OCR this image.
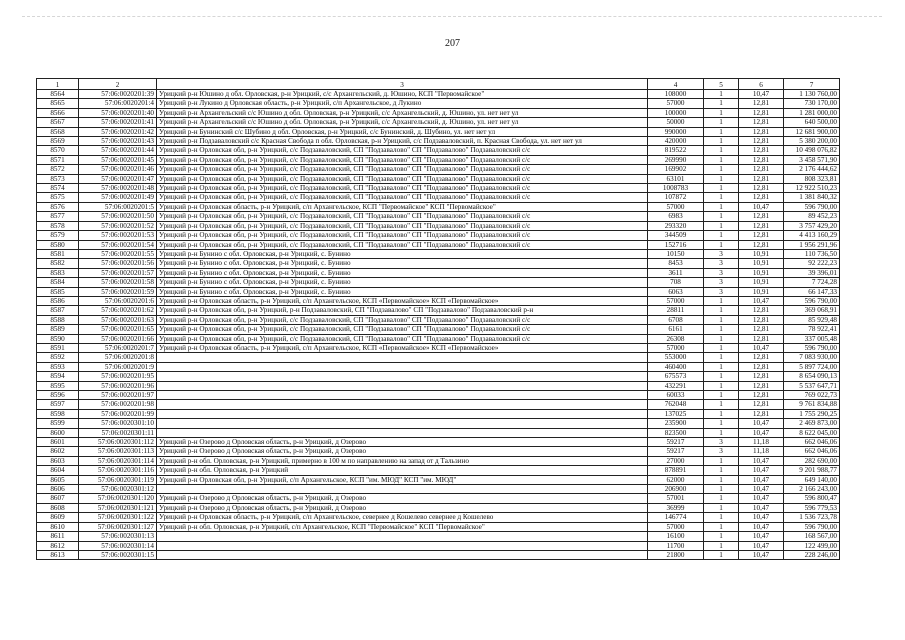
207
1	2	3	4	5	6	7
8564	57:06:0020201:39	Урицкий р-н Юшино д обл. Орловская, р-н Урицкий, с/с Архангельский, д. Юшино, КСП "Первомайское"	108000	1	10,47	1 130 760,00
8565	57:06:0020201:4	Урицкий р-н Лукино д Орловская область, р-н Урицкий, с/п Архангельское, д Лукино	57000	1	12,81	730 170,00
8566	57:06:0020201:40	Урицкий р-н Архангельский с/с Юшино д обл. Орловская, р-н Урицкий, с/с Архангельский, д. Юшино, ул. нет нет ул	100000	1	12,81	1 281 000,00
8567	57:06:0020201:41	Урицкий р-н Архангельский с/с Юшино д обл. Орловская, р-н Урицкий, с/с Архангельский, д. Юшино, ул. нет нет ул	50000	1	12,81	640 500,00
8568	57:06:0020201:42	Урицкий р-н Бунинский с/с Шубино д обл. Орловская, р-н Урицкий, с/с Бунинский, д. Шубино, ул. нет нет ул	990000	1	12,81	12 681 900,00
8569	57:06:0020201:43	Урицкий р-н Подзаваловский с/с Красная Свобода п обл. Орловская, р-н Урицкий, с/с Подзаваловский, п. Красная Свобода, ул. нет нет ул	420000	1	12,81	5 380 200,00
8570	57:06:0020201:44	Урицкий р-н Орловская обл, р-н Урицкий, с/с Подзаваловский, СП "Подзавалово" СП "Подзавалово" Подзаваловский с/с	819522	1	12,81	10 498 076,82
8571	57:06:0020201:45	Урицкий р-н Орловская обл, р-н Урицкий, с/с Подзаваловский, СП "Подзавалово" СП "Подзавалово" Подзаваловский с/с	269990	1	12,81	3 458 571,90
8572	57:06:0020201:46	Урицкий р-н Орловская обл, р-н Урицкий, с/с Подзаваловский, СП "Подзавалово" СП "Подзавалово" Подзаваловский с/с	169902	1	12,81	2 176 444,62
8573	57:06:0020201:47	Урицкий р-н Орловская обл, р-н Урицкий, с/с Подзаваловский, СП "Подзавалово" СП "Подзавалово" Подзаваловский с/с	63101	1	12,81	808 323,81
8574	57:06:0020201:48	Урицкий р-н Орловская обл, р-н Урицкий, с/с Подзаваловский, СП "Подзавалово" СП "Подзавалово" Подзаваловский с/с	1008783	1	12,81	12 922 510,23
8575	57:06:0020201:49	Урицкий р-н Орловская обл, р-н Урицкий, с/с Подзаваловский, СП "Подзавалово" СП "Подзавалово" Подзаваловский с/с	107872	1	12,81	1 381 840,32
8576	57:06:0020201:5	Урицкий р-н Орловская область, р-н Урицкий, с/п Архангельское, КСП "Первомайское" КСП "Первомайское"	57000	1	10,47	596 790,00
8577	57:06:0020201:50	Урицкий р-н Орловская обл, р-н Урицкий, с/с Подзаваловский, СП "Подзавалово" СП "Подзавалово" Подзаваловский с/с	6983	1	12,81	89 452,23
8578	57:06:0020201:52	Урицкий р-н Орловская обл, р-н Урицкий, с/с Подзаваловский, СП "Подзавалово" СП "Подзавалово" Подзаваловский с/с	293320	1	12,81	3 757 429,20
8579	57:06:0020201:53	Урицкий р-н Орловская обл, р-н Урицкий, с/с Подзаваловский, СП "Подзавалово" СП "Подзавалово" Подзаваловский с/с	344509	1	12,81	4 413 160,29
8580	57:06:0020201:54	Урицкий р-н Орловская обл, р-н Урицкий, с/с Подзаваловский, СП "Подзавалово" СП "Подзавалово" Подзаваловский с/с	152716	1	12,81	1 956 291,96
8581	57:06:0020201:55	Урицкий р-н Бунино с обл. Орловская, р-н Урицкий, с. Бунино	10150	3	10,91	110 736,50
8582	57:06:0020201:56	Урицкий р-н Бунино с обл. Орловская, р-н Урицкий, с. Бунино	8453	3	10,91	92 222,23
8583	57:06:0020201:57	Урицкий р-н Бунино с обл. Орловская, р-н Урицкий, с. Бунино	3611	3	10,91	39 396,01
8584	57:06:0020201:58	Урицкий р-н Бунино с обл. Орловская, р-н Урицкий, с. Бунино	708	3	10,91	7 724,28
8585	57:06:0020201:59	Урицкий р-н Бунино с обл. Орловская, р-н Урицкий, с. Бунино	6063	3	10,91	66 147,33
8586	57:06:0020201:6	Урицкий р-н Орловская область, р-н Урицкий, с/п Архангельское, КСП «Первомайское» КСП «Первомайское»	57000	1	10,47	596 790,00
8587	57:06:0020201:62	Урицкий р-н Орловская обл, р-н Урицкий, р-н Подзаваловский, СП "Подзавалово" СП "Подзавалово" Подзаваловский р-н	28811	1	12,81	369 068,91
8588	57:06:0020201:63	Урицкий р-н Орловская обл, р-н Урицкий, с/с Подзаваловский, СП "Подзавалово" СП "Подзавалово" Подзаваловский с/с	6708	1	12,81	85 929,48
8589	57:06:0020201:65	Урицкий р-н Орловская обл, р-н Урицкий, с/с Подзаваловский, СП "Подзавалово" СП "Подзавалово" Подзаваловский с/с	6161	1	12,81	78 922,41
8590	57:06:0020201:66	Урицкий р-н Орловская обл, р-н Урицкий, с/с Подзаваловский, СП "Подзавалово" СП "Подзавалово" Подзаваловский с/с	26308	1	12,81	337 005,48
8591	57:06:0020201:7	Урицкий р-н Орловская область, р-н Урицкий, с/п Архангельское, КСП «Первомайское» КСП «Первомайское»	57000	1	10,47	596 790,00
8592	57:06:0020201:8		553000	1	12,81	7 083 930,00
8593	57:06:0020201:9		460400	1	12,81	5 897 724,00
8594	57:06:0020201:95		675573	1	12,81	8 654 090,13
8595	57:06:0020201:96		432291	1	12,81	5 537 647,71
8596	57:06:0020201:97		60033	1	12,81	769 022,73
8597	57:06:0020201:98		762048	1	12,81	9 761 834,88
8598	57:06:0020201:99		137025	1	12,81	1 755 290,25
8599	57:06:0020301:10		235900	1	10,47	2 469 873,00
8600	57:06:0020301:11		823500	1	10,47	8 622 045,00
8601	57:06:0020301:112	Урицкий р-н Озерово д Орловская область, р-н Урицкий, д Озерово	59217	3	11,18	662 046,06
8602	57:06:0020301:113	Урицкий р-н Озерово д Орловская область, р-н Урицкий, д Озерово	59217	3	11,18	662 046,06
8603	57:06:0020301:114	Урицкий р-н обл. Орловская, р-н Урицкий, примерно в 100 м по направлению на запад от д Тальзино	27000	1	10,47	282 690,00
8604	57:06:0020301:116	Урицкий р-н обл. Орловская, р-н Урицкий	878891	1	10,47	9 201 988,77
8605	57:06:0020301:119	Урицкий р-н Орловская обл, р-н Урицкий, с/п Архангельское, КСП "им. МЮД" КСП "им. МЮД"	62000	1	10,47	649 140,00
8606	57:06:0020301:12		206900	1	10,47	2 166 243,00
8607	57:06:0020301:120	Урицкий р-н Озерово д Орловская область, р-н Урицкий, д Озерово	57001	1	10,47	596 800,47
8608	57:06:0020301:121	Урицкий р-н Озерово д Орловская область, р-н Урицкий, д Озерово	36999	1	10,47	596 779,53
8609	57:06:0020301:122	Урицкий р-н Орловская область, р-н Урицкий, с/п Архангельское, севернее д Кошелево севернее д Кошелево	146774	1	10,47	1 536 723,78
8610	57:06:0020301:127	Урицкий р-н обл. Орловская, р-н Урицкий, с/п Архангельское, КСП "Первомайское" КСП "Первомайское"	57000	1	10,47	596 790,00
8611	57:06:0020301:13		16100	1	10,47	168 567,00
8612	57:06:0020301:14		11700	1	10,47	122 499,00
8613	57:06:0020301:15		21800	1	10,47	228 246,00
